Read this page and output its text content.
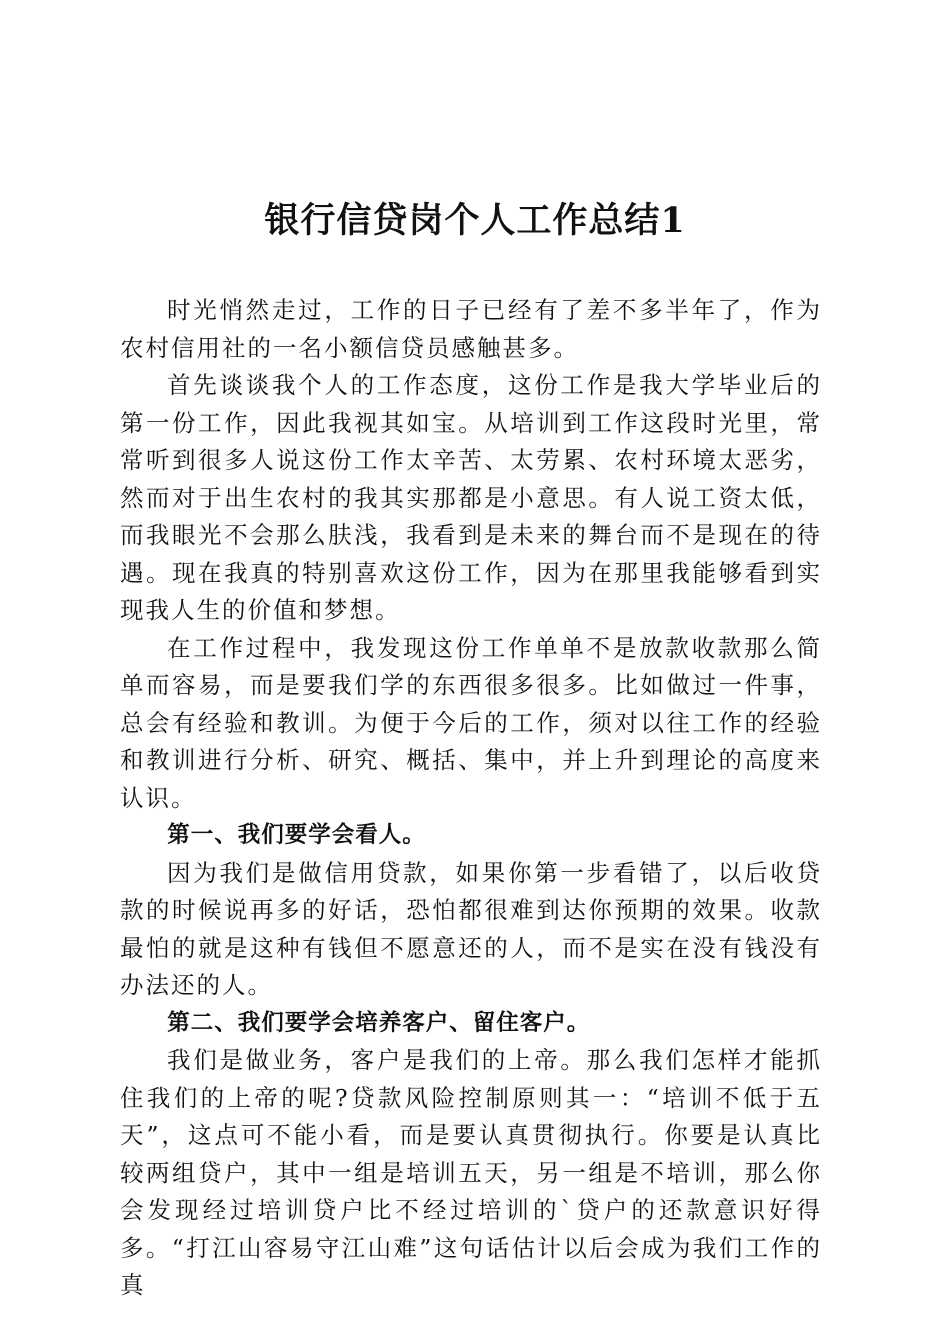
银行信贷岗个人工作总结1

时光悄然走过，工作的日子已经有了差不多半年了，作为农村信用社的一名小额信贷员感触甚多。

首先谈谈我个人的工作态度，这份工作是我大学毕业后的第一份工作，因此我视其如宝。从培训到工作这段时光里，常常听到很多人说这份工作太辛苦、太劳累、农村环境太恶劣，然而对于出生农村的我其实那都是小意思。有人说工资太低，而我眼光不会那么肤浅，我看到是未来的舞台而不是现在的待遇。现在我真的特别喜欢这份工作，因为在那里我能够看到实现我人生的价值和梦想。

在工作过程中，我发现这份工作单单不是放款收款那么简单而容易，而是要我们学的东西很多很多。比如做过一件事，总会有经验和教训。为便于今后的工作，须对以往工作的经验和教训进行分析、研究、概括、集中，并上升到理论的高度来认识。

第一、我们要学会看人。

因为我们是做信用贷款，如果你第一步看错了，以后收贷款的时候说再多的好话，恐怕都很难到达你预期的效果。收款最怕的就是这种有钱但不愿意还的人，而不是实在没有钱没有办法还的人。

第二、我们要学会培养客户、留住客户。

我们是做业务，客户是我们的上帝。那么我们怎样才能抓住我们的上帝的呢?贷款风险控制原则其一：“培训不低于五天”，这点可不能小看，而是要认真贯彻执行。你要是认真比较两组贷户，其中一组是培训五天，另一组是不培训，那么你会发现经过培训贷户比不经过培训的`贷户的还款意识好得多。“打江山容易守江山难”这句话估计以后会成为我们工作的真
